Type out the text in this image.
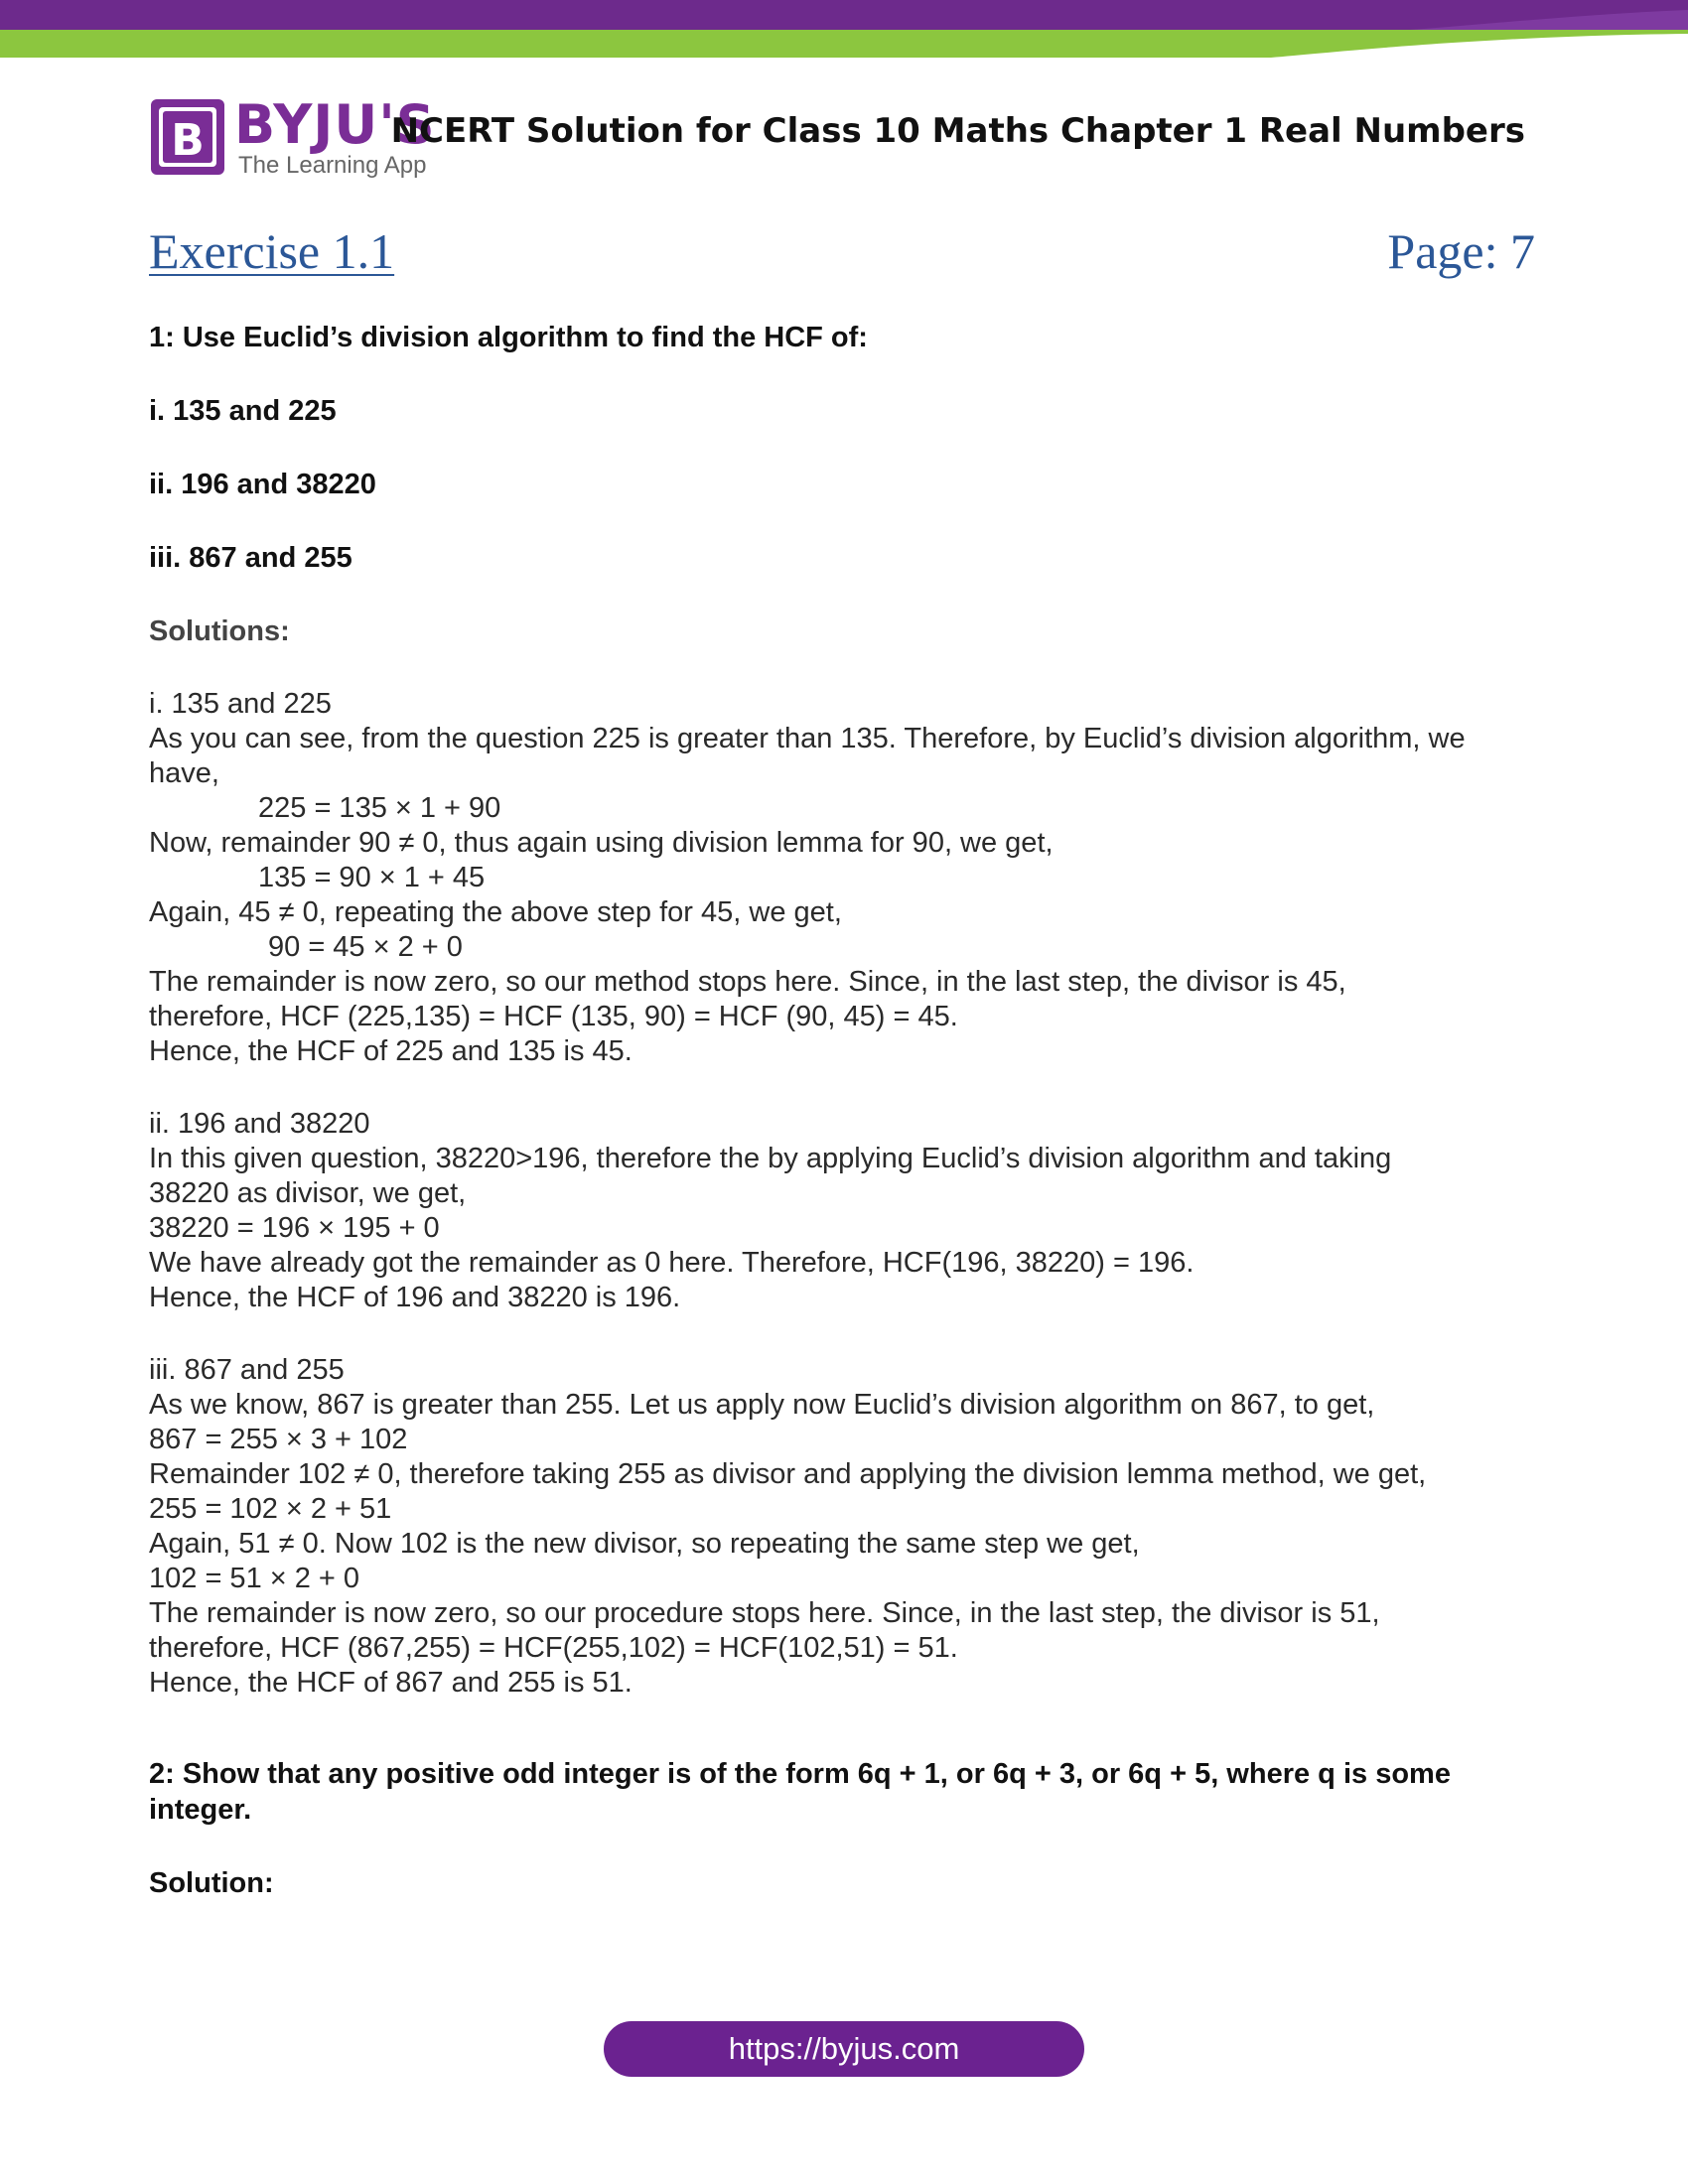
B BYJU'S
The Learning App
NCERT Solution for Class 10 Maths Chapter 1 Real Numbers
Exercise 1.1	Page: 7

1: Use Euclid’s division algorithm to find the HCF of:

i. 135 and 225

ii. 196 and 38220

iii. 867 and 255

Solutions:
i. 135 and 225
As you can see, from the question 225 is greater than 135. Therefore, by Euclid’s division algorithm, we have,
225 = 135 × 1 + 90
Now, remainder 90 ≠ 0, thus again using division lemma for 90, we get,
135 = 90 × 1 + 45
Again, 45 ≠ 0, repeating the above step for 45, we get,
90 = 45 × 2 + 0
The remainder is now zero, so our method stops here. Since, in the last step, the divisor is 45,
therefore, HCF (225,135) = HCF (135, 90) = HCF (90, 45) = 45.
Hence, the HCF of 225 and 135 is 45.
ii. 196 and 38220
In this given question, 38220>196, therefore the by applying Euclid’s division algorithm and taking
38220 as divisor, we get,
38220 = 196 × 195 + 0
We have already got the remainder as 0 here. Therefore, HCF(196, 38220) = 196.
Hence, the HCF of 196 and 38220 is 196.
iii. 867 and 255
As we know, 867 is greater than 255. Let us apply now Euclid’s division algorithm on 867, to get,
867 = 255 × 3 + 102
Remainder 102 ≠ 0, therefore taking 255 as divisor and applying the division lemma method, we get,
255 = 102 × 2 + 51
Again, 51 ≠ 0. Now 102 is the new divisor, so repeating the same step we get,
102 = 51 × 2 + 0
The remainder is now zero, so our procedure stops here. Since, in the last step, the divisor is 51,
therefore, HCF (867,255) = HCF(255,102) = HCF(102,51) = 51.
Hence, the HCF of 867 and 255 is 51.

2: Show that any positive odd integer is of the form 6q + 1, or 6q + 3, or 6q + 5, where q is some integer.

Solution:
https://byjus.com
